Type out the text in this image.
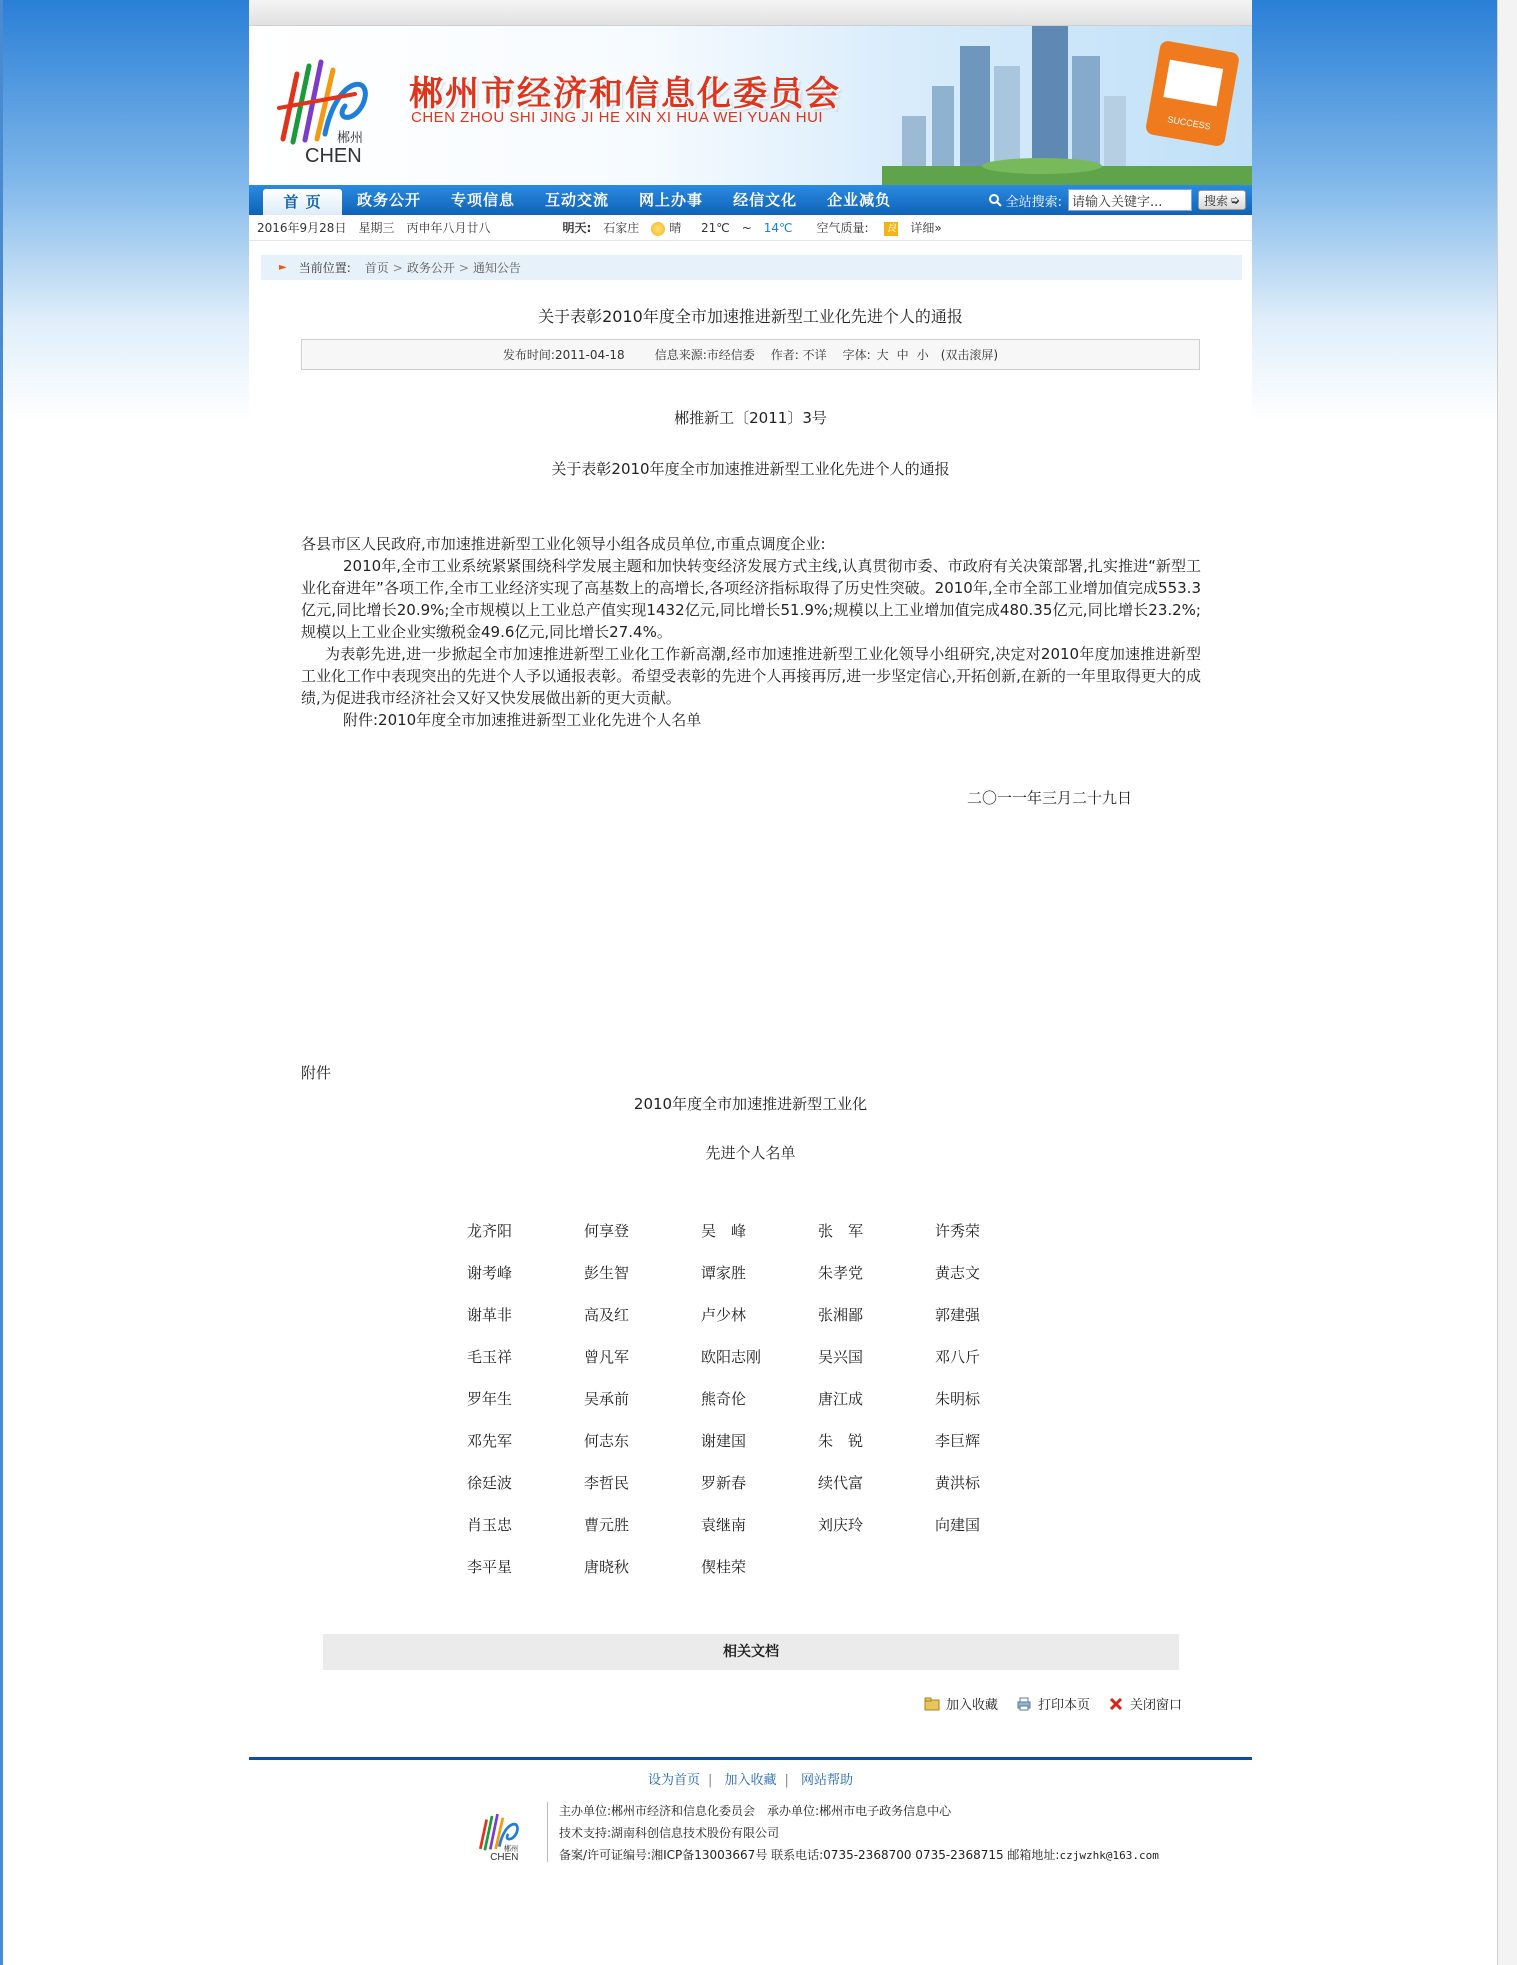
郴州
CHEN
郴州市经济和信息化委员会
CHEN ZHOU SHI JING JI HE XIN XI HUA WEI YUAN HUI	SUCCESS
首 页	政务公开	专项信息	互动交流	网上办事	经信文化	企业减负	全站搜索:
请输入关键字...	搜索 ➭
2016年9月28日 星期三 丙申年八月廿八	明天: 石家庄	晴 21℃ ~ 14℃	空气质量: 良 详细»
► 当前位置: 首页 > 政务公开 > 通知公告
关于表彰2010年度全市加速推进新型工业化先进个人的通报
发布时间:2011-04-18	信息来源:市经信委 作者: 不详 字体: 大 中 小 (双击滚屏)
郴推新工〔2011〕3号
关于表彰2010年度全市加速推进新型工业化先进个人的通报

各县市区人民政府,市加速推进新型工业化领导小组各成员单位,市重点调度企业:

2010年,全市工业系统紧紧围绕科学发展主题和加快转变经济发展方式主线,认真贯彻市委、市政府有关决策部署,扎实推进“新型工业化奋进年”各项工作,全市工业经济实现了高基数上的高增长,各项经济指标取得了历史性突破。2010年,全市全部工业增加值完成553.3亿元,同比增长20.9%;全市规模以上工业总产值实现1432亿元,同比增长51.9%;规模以上工业增加值完成480.35亿元,同比增长23.2%;规模以上工业企业实缴税金49.6亿元,同比增长27.4%。

为表彰先进,进一步掀起全市加速推进新型工业化工作新高潮,经市加速推进新型工业化领导小组研究,决定对2010年度加速推进新型工业化工作中表现突出的先进个人予以通报表彰。希望受表彰的先进个人再接再厉,进一步坚定信心,开拓创新,在新的一年里取得更大的成绩,为促进我市经济社会又好又快发展做出新的更大贡献。

附件:2010年度全市加速推进新型工业化先进个人名单

二〇一一年三月二十九日
附件
2010年度全市加速推进新型工业化
先进个人名单
龙齐阳	何享登	吴　峰	张　军	许秀荣
谢考峰	彭生智	谭家胜	朱孝党	黄志文
谢革非	高及红	卢少林	张湘鄙	郭建强
毛玉祥	曾凡军	欧阳志刚	吴兴国	邓八斤
罗年生	吴承前	熊奇伦	唐江成	朱明标
邓先军	何志东	谢建国	朱　锐	李巨辉
徐廷波	李哲民	罗新春	续代富	黄洪标
肖玉忠	曹元胜	袁继南	刘庆玲	向建国
李平星	唐晓秋	偰桂荣
相关文档
加入收藏	打印本页	关闭窗口
设为首页 | 加入收藏 | 网站帮助
郴州
CHEN
主办单位:郴州市经济和信息化委员会　承办单位:郴州市电子政务信息中心
技术支持:湖南科创信息技术股份有限公司
备案/许可证编号:湘ICP备13003667号 联系电话:0735-2368700 0735-2368715 邮箱地址:czjwzhk@163.com
